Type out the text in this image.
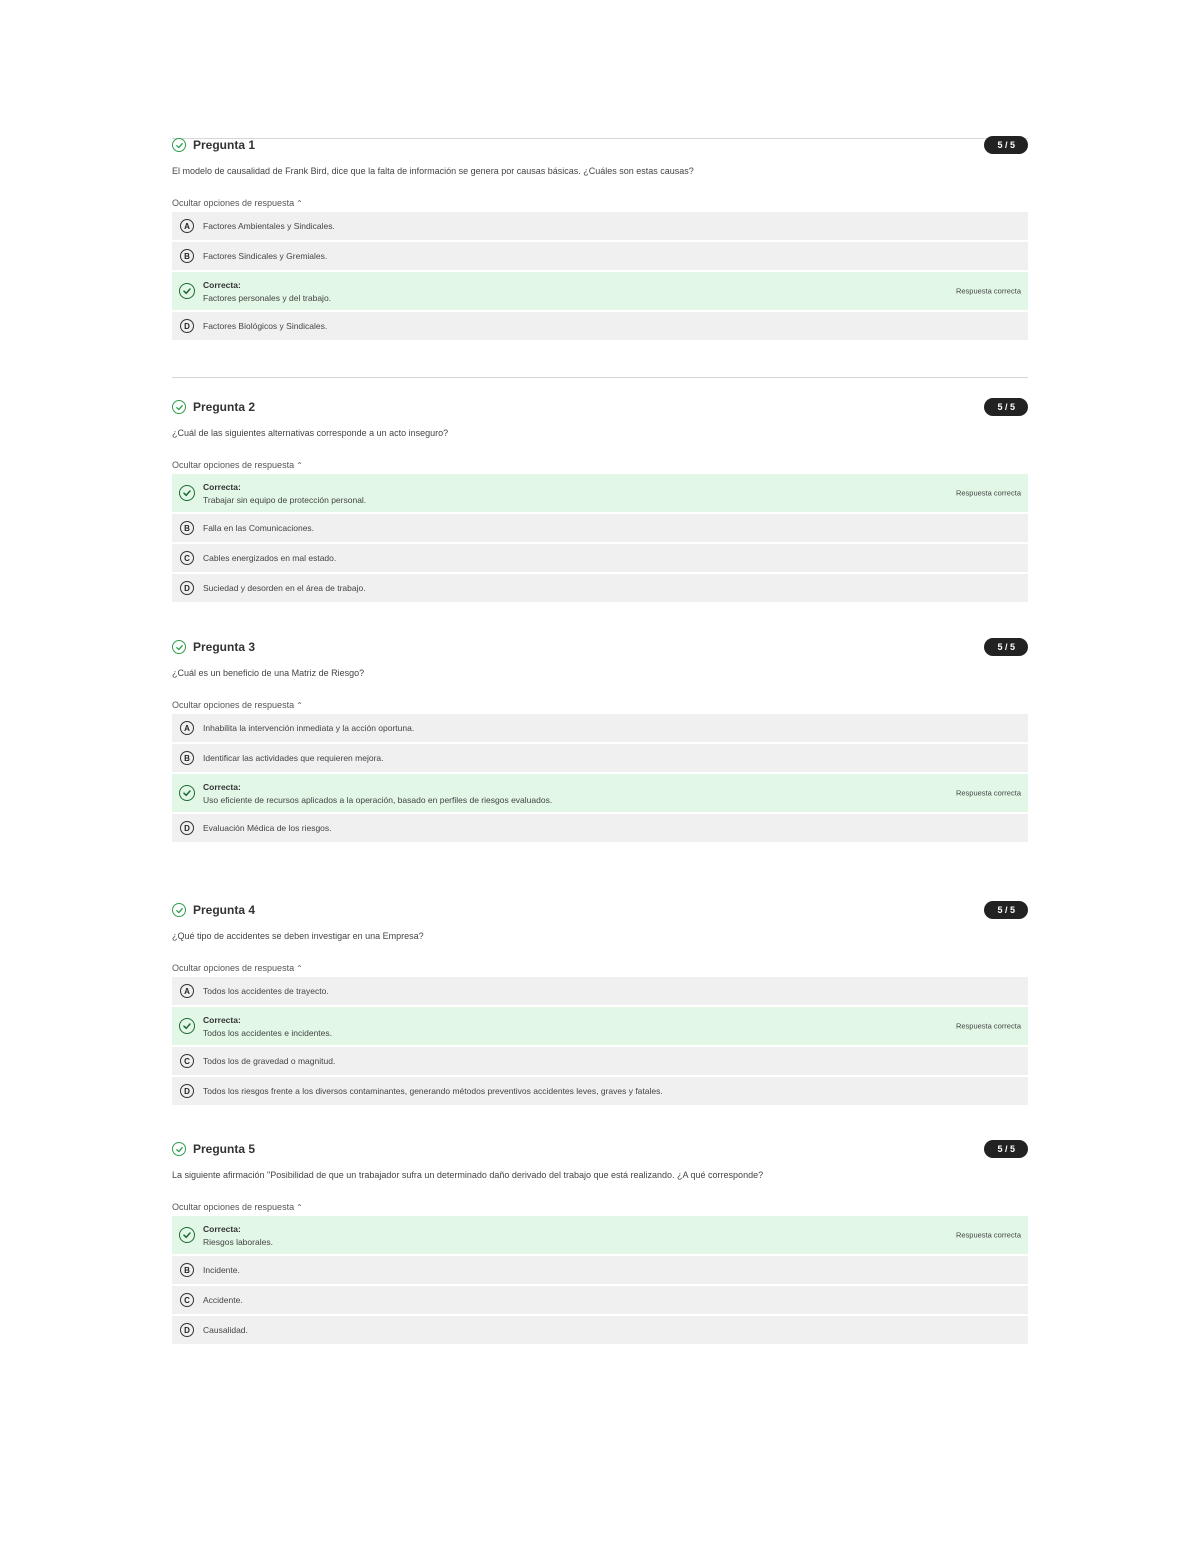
Pregunta 1	5 / 5
El modelo de causalidad de Frank Bird, dice que la falta de información se genera por causas básicas. ¿Cuáles son estas causas?
Ocultar opciones de respuesta ⌃
A	Factores Ambientales y Sindicales.
B	Factores Sindicales y Gremiales.
Correcta:
Factores personales y del trabajo.
Respuesta correcta
D	Factores Biológicos y Sindicales.
Pregunta 2	5 / 5
¿Cuál de las siguientes alternativas corresponde a un acto inseguro?
Ocultar opciones de respuesta ⌃
Correcta:
Trabajar sin equipo de protección personal.
Respuesta correcta
B	Falla en las Comunicaciones.
C	Cables energizados en mal estado.
D	Suciedad y desorden en el área de trabajo.
Pregunta 3	5 / 5
¿Cuál es un beneficio de una Matriz de Riesgo?
Ocultar opciones de respuesta ⌃
A	Inhabilita la intervención inmediata y la acción oportuna.
B	Identificar las actividades que requieren mejora.
Correcta:
Uso eficiente de recursos aplicados a la operación, basado en perfiles de riesgos evaluados.
Respuesta correcta
D	Evaluación Médica de los riesgos.
Pregunta 4	5 / 5
¿Qué tipo de accidentes se deben investigar en una Empresa?
Ocultar opciones de respuesta ⌃
A	Todos los accidentes de trayecto.
Correcta:
Todos los accidentes e incidentes.
Respuesta correcta
C	Todos los de gravedad o magnitud.
D	Todos los riesgos frente a los diversos contaminantes, generando métodos preventivos accidentes leves, graves y fatales.
Pregunta 5	5 / 5
La siguiente afirmación "Posibilidad de que un trabajador sufra un determinado daño derivado del trabajo que está realizando. ¿A qué corresponde?
Ocultar opciones de respuesta ⌃
Correcta:
Riesgos laborales.
Respuesta correcta
B	Incidente.
C	Accidente.
D	Causalidad.
